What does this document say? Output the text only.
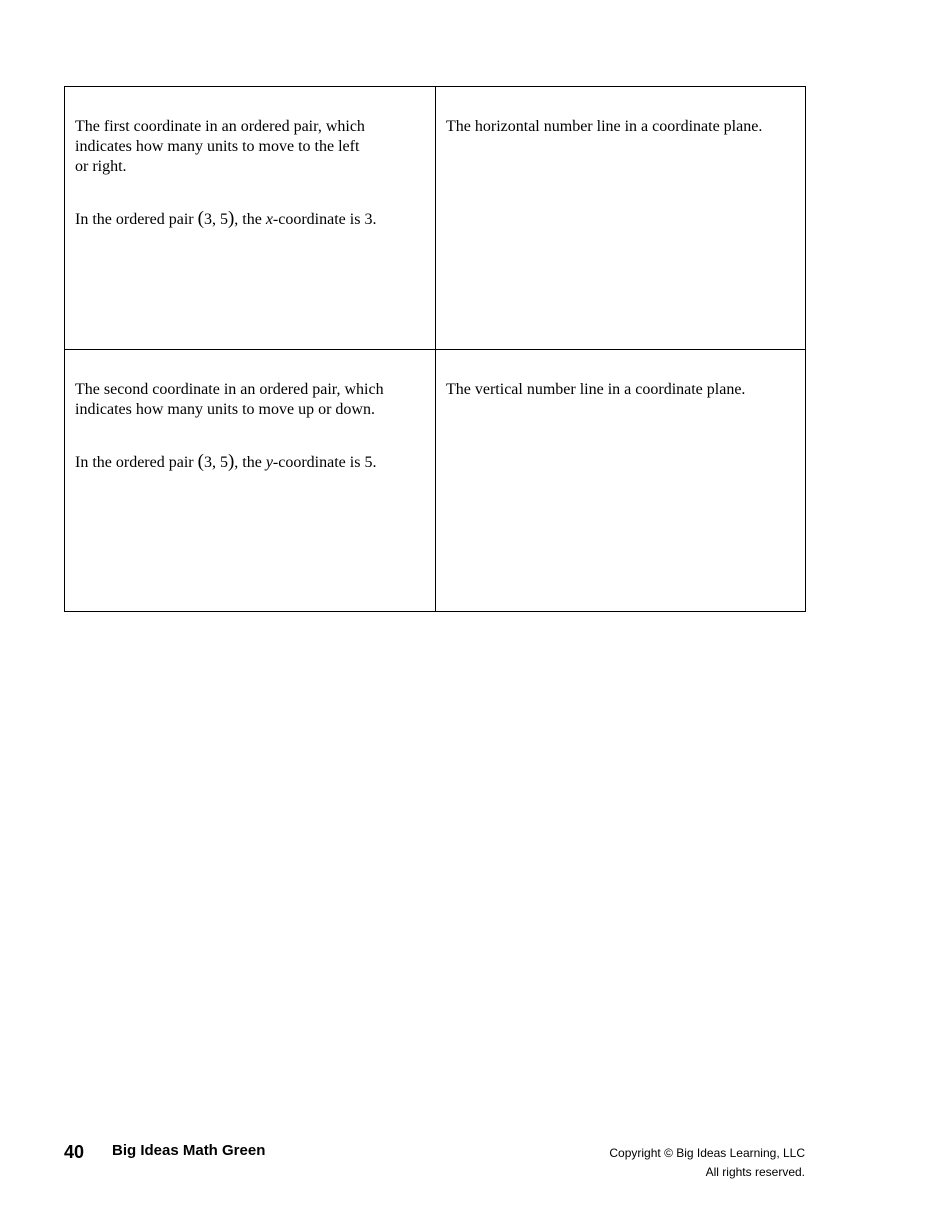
The first coordinate in an ordered pair, which
indicates how many units to move to the left
or right.

In the ordered pair (3, 5), the x-coordinate is 3.

The horizontal number line in a coordinate plane.

The second coordinate in an ordered pair, which
indicates how many units to move up or down.

In the ordered pair (3, 5), the y-coordinate is 5.

The vertical number line in a coordinate plane.

40 Big Ideas Math Green	Copyright © Big Ideas Learning, LLC
All rights reserved.
